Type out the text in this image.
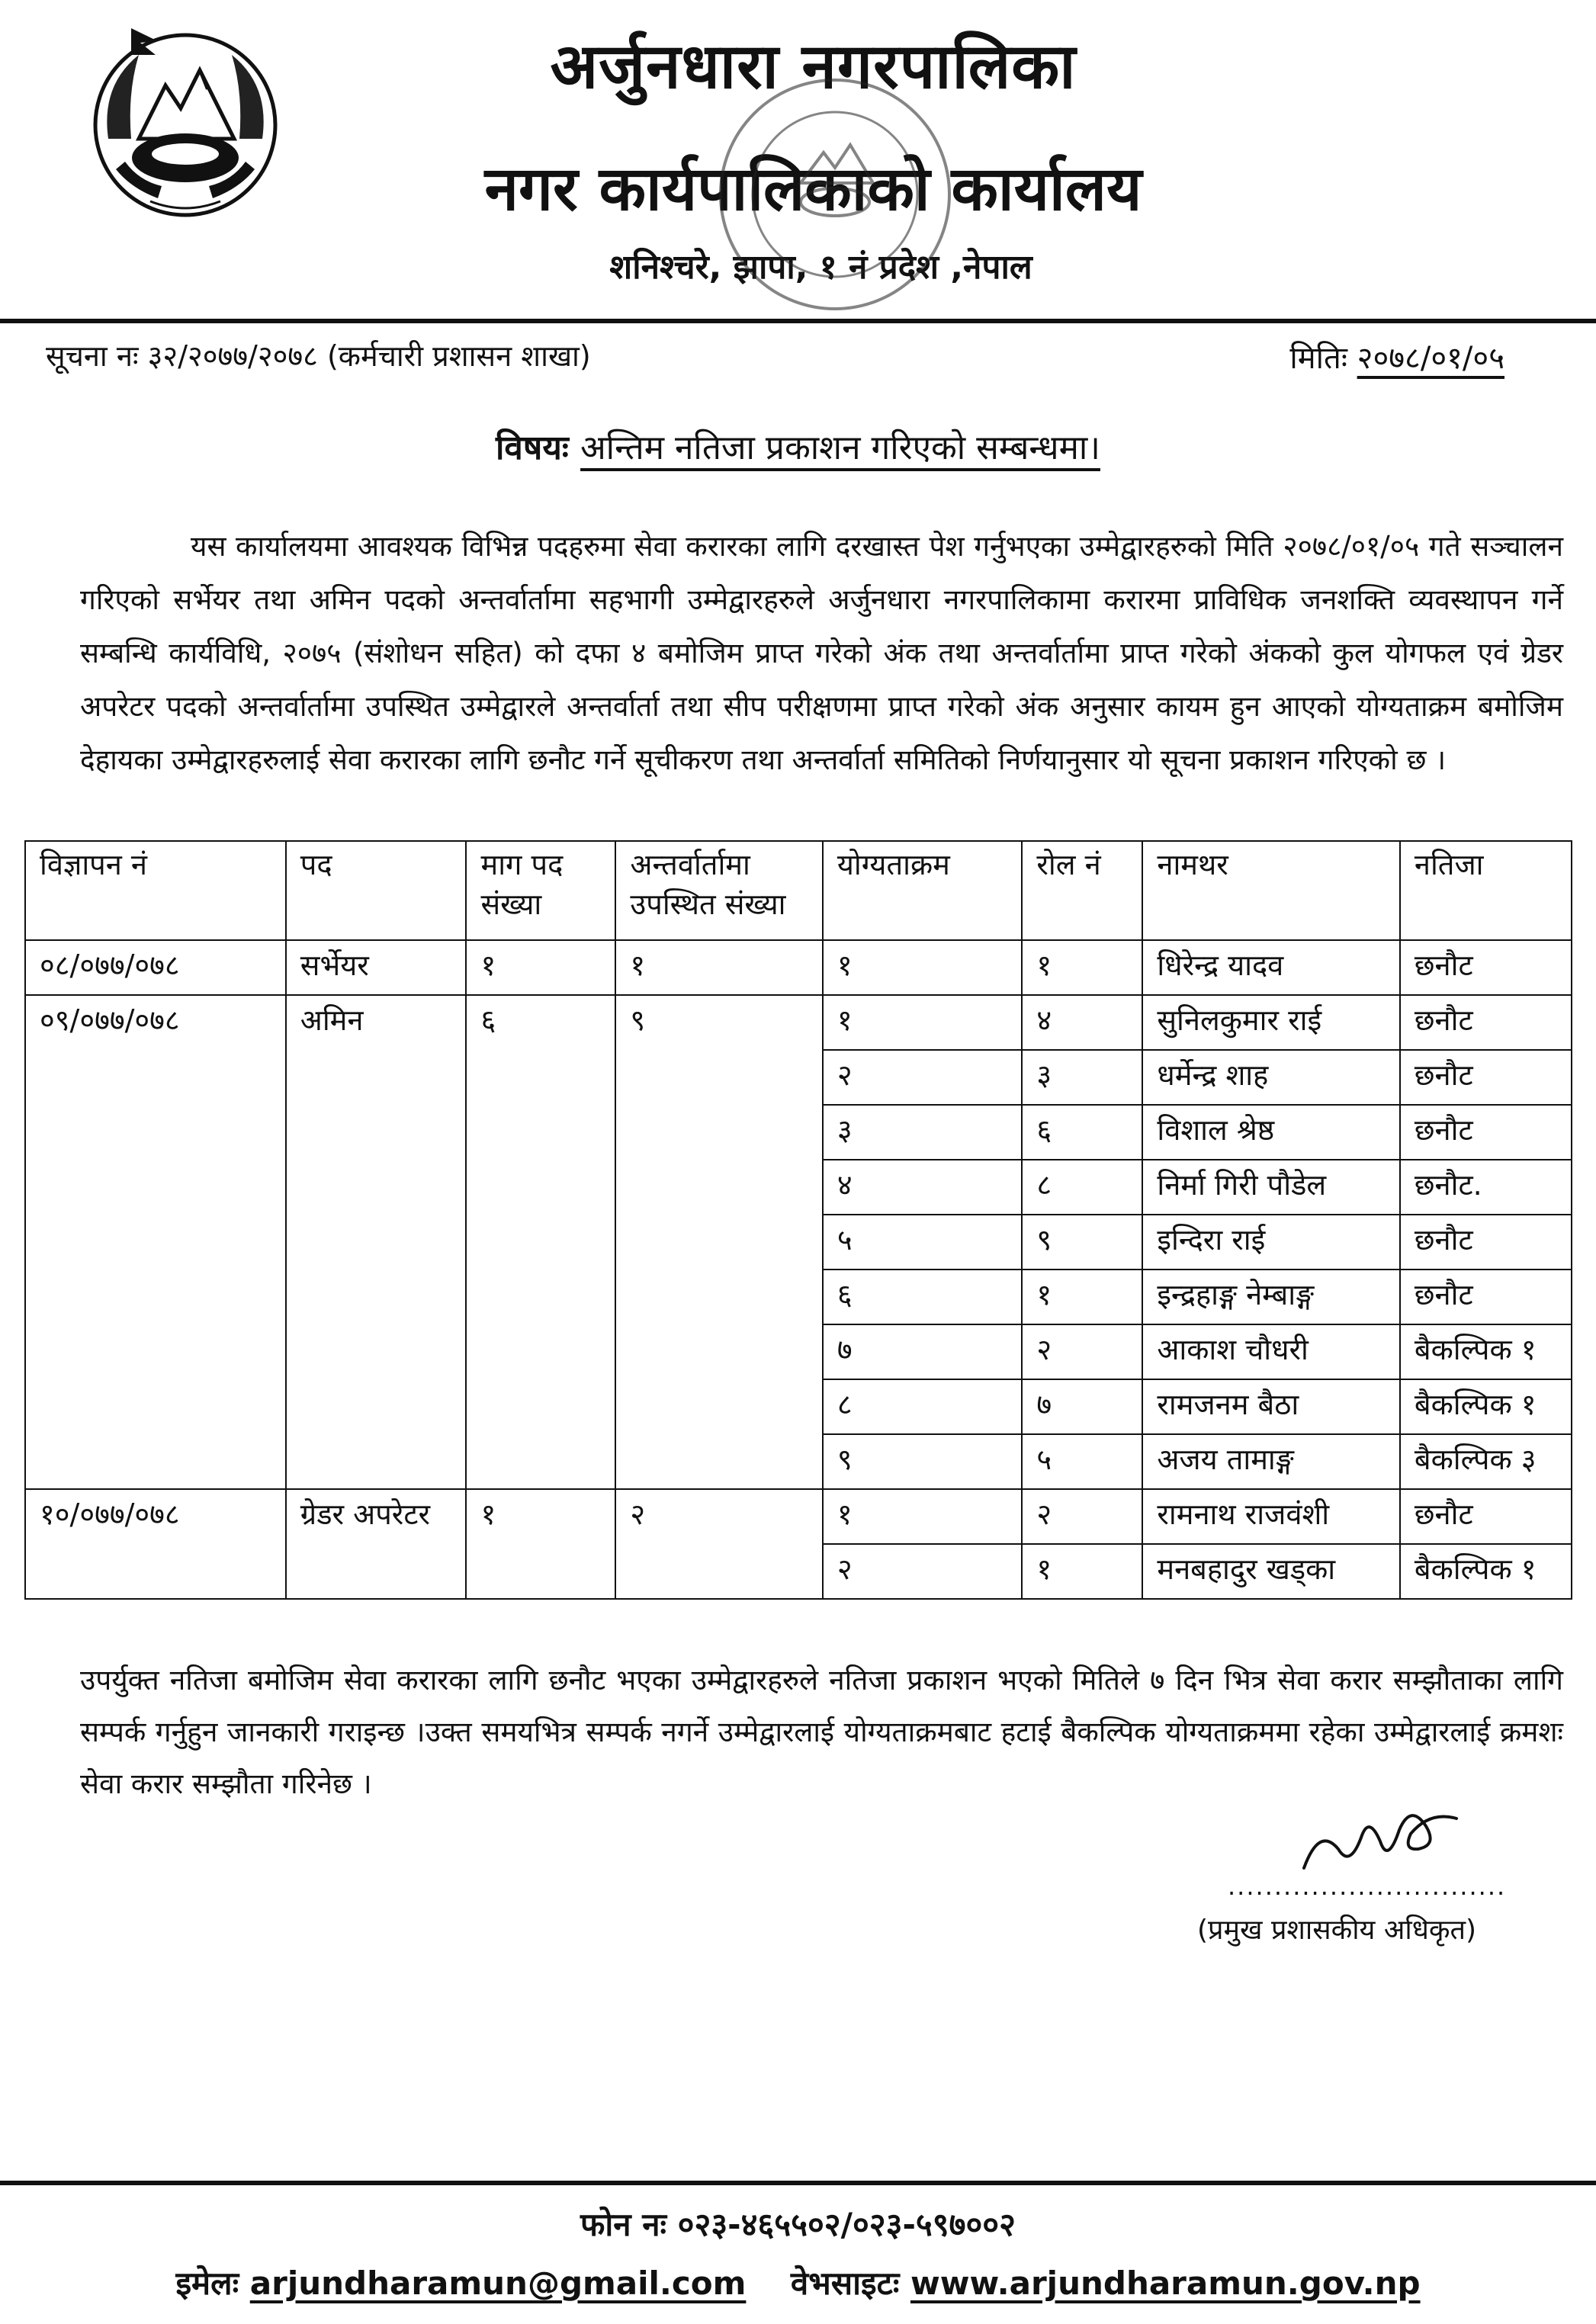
अर्जुनधारा नगरपालिका
नगर कार्यपालिकाको कार्यालय
शनिश्चरे, झापा, १ नं प्रदेश ,नेपाल
सूचना नः ३२/२०७७/२०७८ (कर्मचारी प्रशासन शाखा)	मितिः २०७८/०१/०५
विषयः अन्तिम नतिजा प्रकाशन गरिएको सम्बन्धमा।
यस कार्यालयमा आवश्यक विभिन्न पदहरुमा सेवा करारका लागि दरखास्त पेश गर्नुभएका उम्मेद्वारहरुको मिति २०७८/०१/०५ गते सञ्चालन गरिएको सर्भेयर तथा अमिन पदको अन्तर्वार्तामा सहभागी उम्मेद्वारहरुले अर्जुनधारा नगरपालिकामा करारमा प्राविधिक जनशक्ति व्यवस्थापन गर्ने सम्बन्धि कार्यविधि, २०७५ (संशोधन सहित) को दफा ४ बमोजिम प्राप्त गरेको अंक तथा अन्तर्वार्तामा प्राप्त गरेको अंकको कुल योगफल एवं ग्रेडर अपरेटर पदको अन्तर्वार्तामा उपस्थित उम्मेद्वारले अन्तर्वार्ता तथा सीप परीक्षणमा प्राप्त गरेको अंक अनुसार कायम हुन आएको योग्यताक्रम बमोजिम देहायका उम्मेद्वारहरुलाई सेवा करारका लागि छनौट गर्ने सूचीकरण तथा अन्तर्वार्ता समितिको निर्णयानुसार यो सूचना प्रकाशन गरिएको छ ।
विज्ञापन नं	पद	माग पद संख्या	अन्तर्वार्तामा उपस्थित संख्या	योग्यताक्रम	रोल नं	नामथर	नतिजा
०८/०७७/०७८	सर्भेयर	१	१	१	१	धिरेन्द्र यादव	छनौट
०९/०७७/०७८	अमिन	६	९	१	४	सुनिलकुमार राई	छनौट
				२	३	धर्मेन्द्र शाह	छनौट
				३	६	विशाल श्रेष्ठ	छनौट
				४	८	निर्मा गिरी पौडेल	छनौट.
				५	९	इन्दिरा राई	छनौट
				६	१	इन्द्रहाङ्ग नेम्बाङ्ग	छनौट
				७	२	आकाश चौधरी	बैकल्पिक १
				८	७	रामजनम बैठा	बैकल्पिक १
				९	५	अजय तामाङ्ग	बैकल्पिक ३
१०/०७७/०७८	ग्रेडर अपरेटर	१	२	१	२	रामनाथ राजवंशी	छनौट
				२	१	मनबहादुर खड्का	बैकल्पिक १
उपर्युक्त नतिजा बमोजिम सेवा करारका लागि छनौट भएका उम्मेद्वारहरुले नतिजा प्रकाशन भएको मितिले ७ दिन भित्र सेवा करार सम्झौताका लागि सम्पर्क गर्नुहुन जानकारी गराइन्छ ।उक्त समयभित्र सम्पर्क नगर्ने उम्मेद्वारलाई योग्यताक्रमबाट हटाई बैकल्पिक योग्यताक्रममा रहेका उम्मेद्वारलाई क्रमशः सेवा करार सम्झौता गरिनेछ ।
..............................
(प्रमुख प्रशासकीय अधिकृत)
फोन नः ०२३-४६५५०२/०२३-५९७००२
इमेलः arjundharamun@gmail.com वेभसाइटः www.arjundharamun.gov.np
